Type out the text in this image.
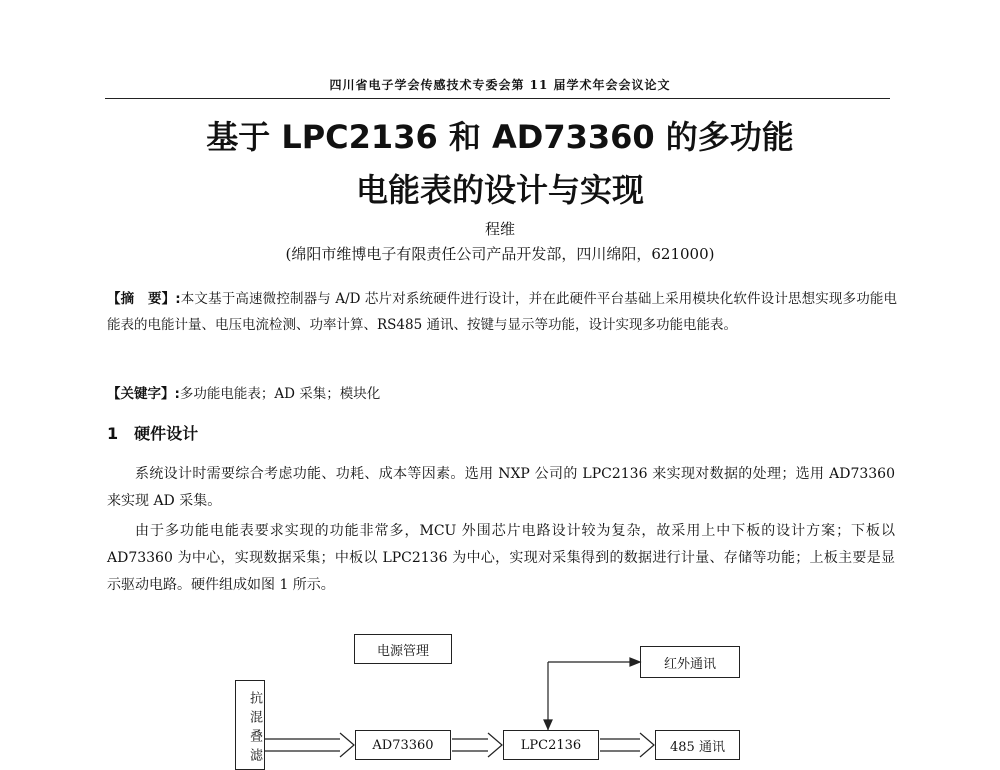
四川省电子学会传感技术专委会第 11 届学术年会会议论文
基于 LPC2136 和 AD73360 的多功能
电能表的设计与实现
程维
(绵阳市维博电子有限责任公司产品开发部，四川绵阳，621000)
【摘　要】:本文基于高速微控制器与 A/D 芯片对系统硬件进行设计，并在此硬件平台基础上采用模块化软件设计思想实现多功能电能表的电能计量、电压电流检测、功率计算、RS485 通讯、按键与显示等功能，设计实现多功能电能表。
【关键字】:多功能电能表；AD 采集；模块化
1　硬件设计
系统设计时需要综合考虑功能、功耗、成本等因素。选用 NXP 公司的 LPC2136 来实现对数据的处理；选用 AD73360 来实现 AD 采集。
由于多功能电能表要求实现的功能非常多，MCU 外围芯片电路设计较为复杂，故采用上中下板的设计方案；下板以 AD73360 为中心，实现数据采集；中板以 LPC2136 为中心，实现对采集得到的数据进行计量、存储等功能；上板主要是显示驱动电路。硬件组成如图 1 所示。
电源管理
红外通讯
抗混叠滤	AD73360	LPC2136	485 通讯
